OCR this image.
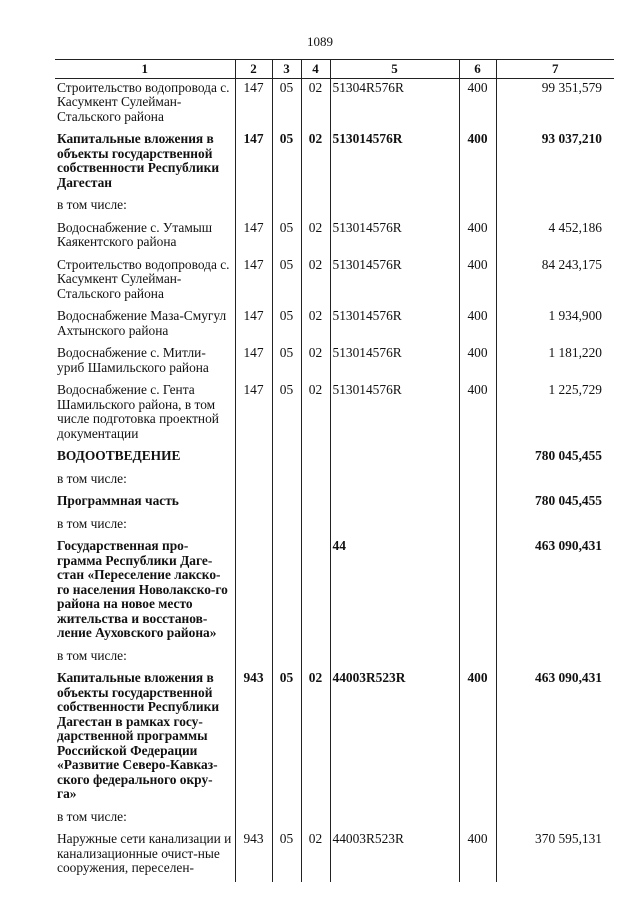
1089
1	2	3	4	5	6	7
Строительство водопровода с. Касумкент Сулейман-Стальского района	147	05	02	51304R576R	400	99 351,579
Капитальные вложения в объекты государственной собственности Республики Дагестан	147	05	02	513014576R	400	93 037,210
в том числе:						
Водоснабжение с. Утамыш Каякентского района	147	05	02	513014576R	400	4 452,186
Строительство водопровода с. Касумкент Сулейман-Стальского района	147	05	02	513014576R	400	84 243,175
Водоснабжение Маза-Смугул Ахтынского района	147	05	02	513014576R	400	1 934,900
Водоснабжение с. Митли-уриб Шамильского района	147	05	02	513014576R	400	1 181,220
Водоснабжение с. Гента Шамильского района, в том числе подготовка проектной документации	147	05	02	513014576R	400	1 225,729
ВОДООТВЕДЕНИЕ						780 045,455
в том числе:						
Программная часть						780 045,455
в том числе:						
Государственная про-грамма Республики Даге-стан «Переселение лакско-го населения Новолакско-го района на новое место жительства и восстанов-ление Ауховского района»				44		463 090,431
в том числе:						
Капитальные вложения в объекты государственной собственности Республики Дагестан в рамках госу-дарственной программы Российской Федерации «Развитие Северо-Кавказ-ского федерального окру-га»	943	05	02	44003R523R	400	463 090,431
в том числе:						
Наружные сети канализации и канализационные очист-ные сооружения, переселен-	943	05	02	44003R523R	400	370 595,131
